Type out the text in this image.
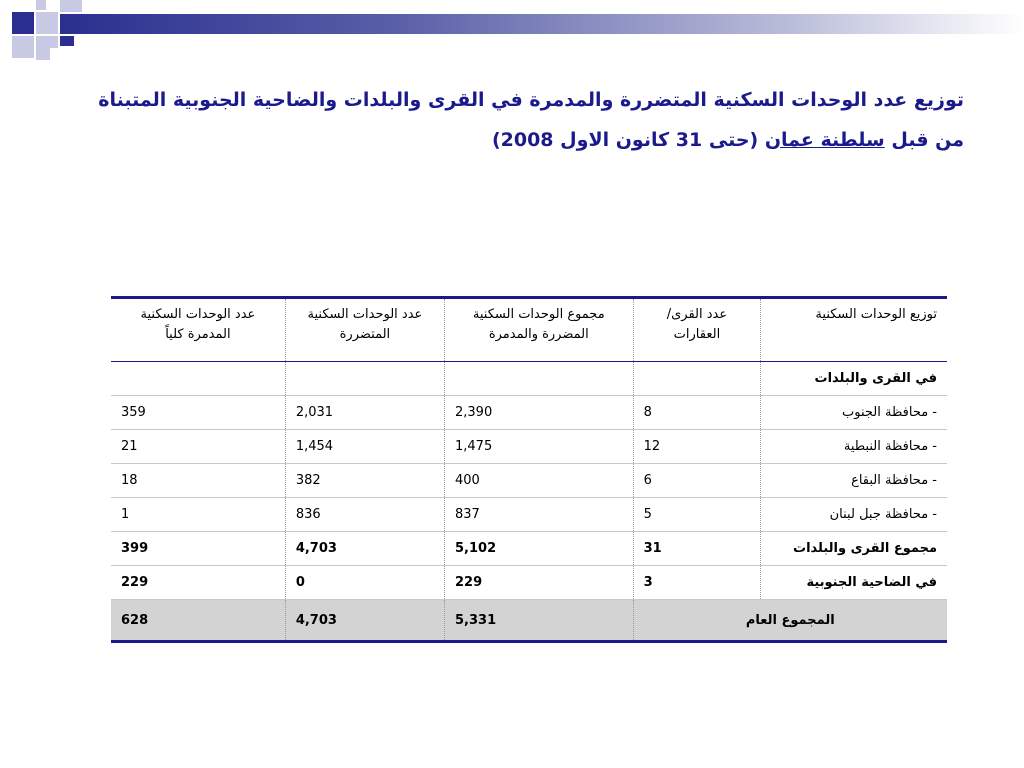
توزيع عدد الوحدات السكنية المتضررة والمدمرة في القرى والبلدات والضاحية الجنوبية المتبناة
من قبل سلطنة عمان (حتى 31 كانون الاول 2008)
توزيع الوحدات السكنية	عدد القرى/العقارات	مجموع الوحدات السكنية المضررة والمدمرة	عدد الوحدات السكنية المتضررة	عدد الوحدات السكنية المدمرة كلياً
في القرى والبلدات				
- محافظة الجنوب	8	2,390	2,031	359
- محافظة النبطية	12	1,475	1,454	21
- محافظة البقاع	6	400	382	18
- محافظة جبل لبنان	5	837	836	1
مجموع القرى والبلدات	31	5,102	4,703	399
في الضاحية الجنوبية	3	229	0	229
المجموع العام		5,331	4,703	628
